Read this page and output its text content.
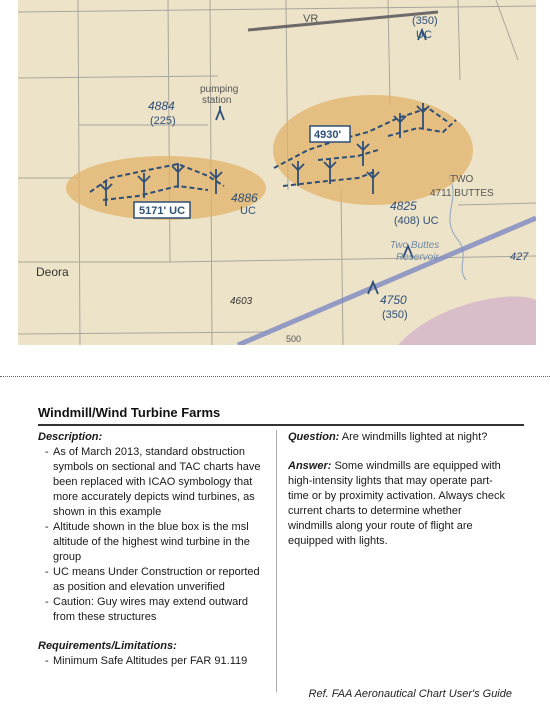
VR	(350)
UC
pumping
station
4884
(225)
5171' UC
4930'
4886
UC
TWO
4711 BUTTES
4825
(408) UC
Two Buttes
Reservoir	427
Deora
4603	4750
(350)
500
Windmill/Wind Turbine Farms
Description:
- As of March 2013, standard obstruction symbols on sectional and TAC charts have been replaced with ICAO symbology that more accurately depicts wind turbines, as shown in this example
- Altitude shown in the blue box is the msl altitude of the highest wind turbine in the group
- UC means Under Construction or reported as position and elevation unverified
- Caution: Guy wires may extend outward from these structures
Requirements/Limitations:
- Minimum Safe Altitudes per FAR 91.119

Question: Are windmills lighted at night?

Answer: Some windmills are equipped with high-intensity lights that may operate part-time or by proximity activation. Always check current charts to determine whether windmills along your route of flight are equipped with lights.

Ref. FAA Aeronautical Chart User's Guide
